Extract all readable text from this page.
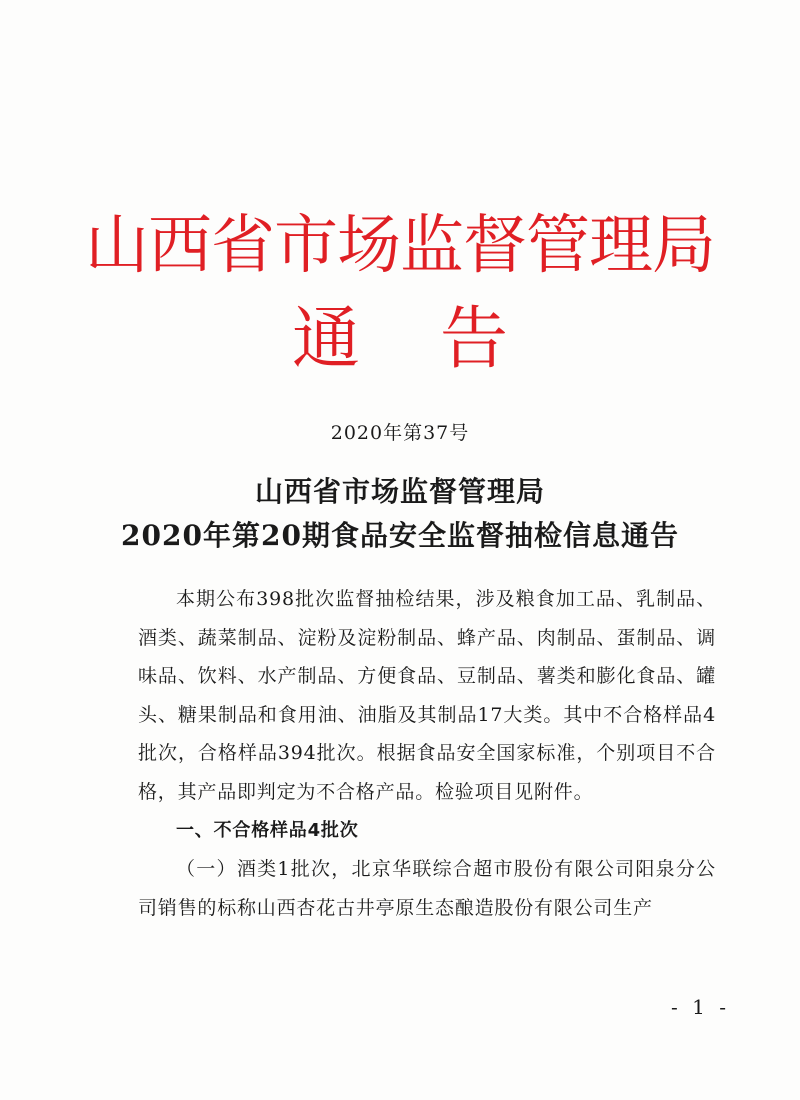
山西省市场监督管理局
通告
2020年第37号
山西省市场监督管理局
2020年第20期食品安全监督抽检信息通告

本期公布398批次监督抽检结果，涉及粮食加工品、乳制品、酒类、蔬菜制品、淀粉及淀粉制品、蜂产品、肉制品、蛋制品、调味品、饮料、水产制品、方便食品、豆制品、薯类和膨化食品、罐头、糖果制品和食用油、油脂及其制品17大类。其中不合格样品4批次，合格样品394批次。根据食品安全国家标准，个别项目不合格，其产品即判定为不合格产品。检验项目见附件。

一、不合格样品4批次

（一）酒类1批次，北京华联综合超市股份有限公司阳泉分公司销售的标称山西杏花古井亭原生态酿造股份有限公司生产

- 1 -
